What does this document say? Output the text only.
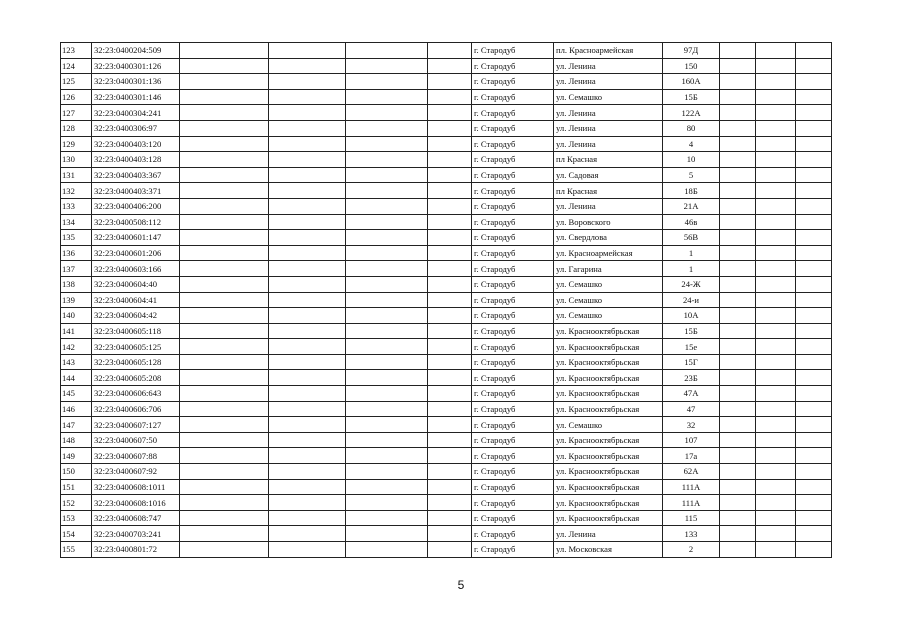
123	32:23:0400204:509					г. Стародуб	пл. Красноармейская	97Д			
124	32:23:0400301:126					г. Стародуб	ул. Ленина	150			
125	32:23:0400301:136					г. Стародуб	ул. Ленина	160А			
126	32:23:0400301:146					г. Стародуб	ул. Семашко	15Б			
127	32:23:0400304:241					г. Стародуб	ул. Ленина	122А			
128	32:23:0400306:97					г. Стародуб	ул. Ленина	80			
129	32:23:0400403:120					г. Стародуб	ул. Ленина	4			
130	32:23:0400403:128					г. Стародуб	пл Красная	10			
131	32:23:0400403:367					г. Стародуб	ул. Садовая	5			
132	32:23:0400403:371					г. Стародуб	пл Красная	18Б			
133	32:23:0400406:200					г. Стародуб	ул. Ленина	21А			
134	32:23:0400508:112					г. Стародуб	ул. Воровского	46в			
135	32:23:0400601:147					г. Стародуб	ул. Свердлова	56В			
136	32:23:0400601:206					г. Стародуб	ул. Красноармейская	1			
137	32:23:0400603:166					г. Стародуб	ул. Гагарина	1			
138	32:23:0400604:40					г. Стародуб	ул. Семашко	24-Ж			
139	32:23:0400604:41					г. Стародуб	ул. Семашко	24-и			
140	32:23:0400604:42					г. Стародуб	ул. Семашко	10А			
141	32:23:0400605:118					г. Стародуб	ул. Краснооктябрьская	15Б			
142	32:23:0400605:125					г. Стародуб	ул. Краснооктябрьская	15е			
143	32:23:0400605:128					г. Стародуб	ул. Краснооктябрьская	15Г			
144	32:23:0400605:208					г. Стародуб	ул. Краснооктябрьская	23Б			
145	32:23:0400606:643					г. Стародуб	ул. Краснооктябрьская	47А			
146	32:23:0400606:706					г. Стародуб	ул. Краснооктябрьская	47			
147	32:23:0400607:127					г. Стародуб	ул. Семашко	32			
148	32:23:0400607:50					г. Стародуб	ул. Краснооктябрьская	107			
149	32:23:0400607:88					г. Стародуб	ул. Краснооктябрьская	17а			
150	32:23:0400607:92					г. Стародуб	ул. Краснооктябрьская	62А			
151	32:23:0400608:1011					г. Стародуб	ул. Краснооктябрьская	111А			
152	32:23:0400608:1016					г. Стародуб	ул. Краснооктябрьская	111А			
153	32:23:0400608:747					г. Стародуб	ул. Краснооктябрьская	115			
154	32:23:0400703:241					г. Стародуб	ул. Ленина	133			
155	32:23:0400801:72					г. Стародуб	ул. Московская	2			
5
